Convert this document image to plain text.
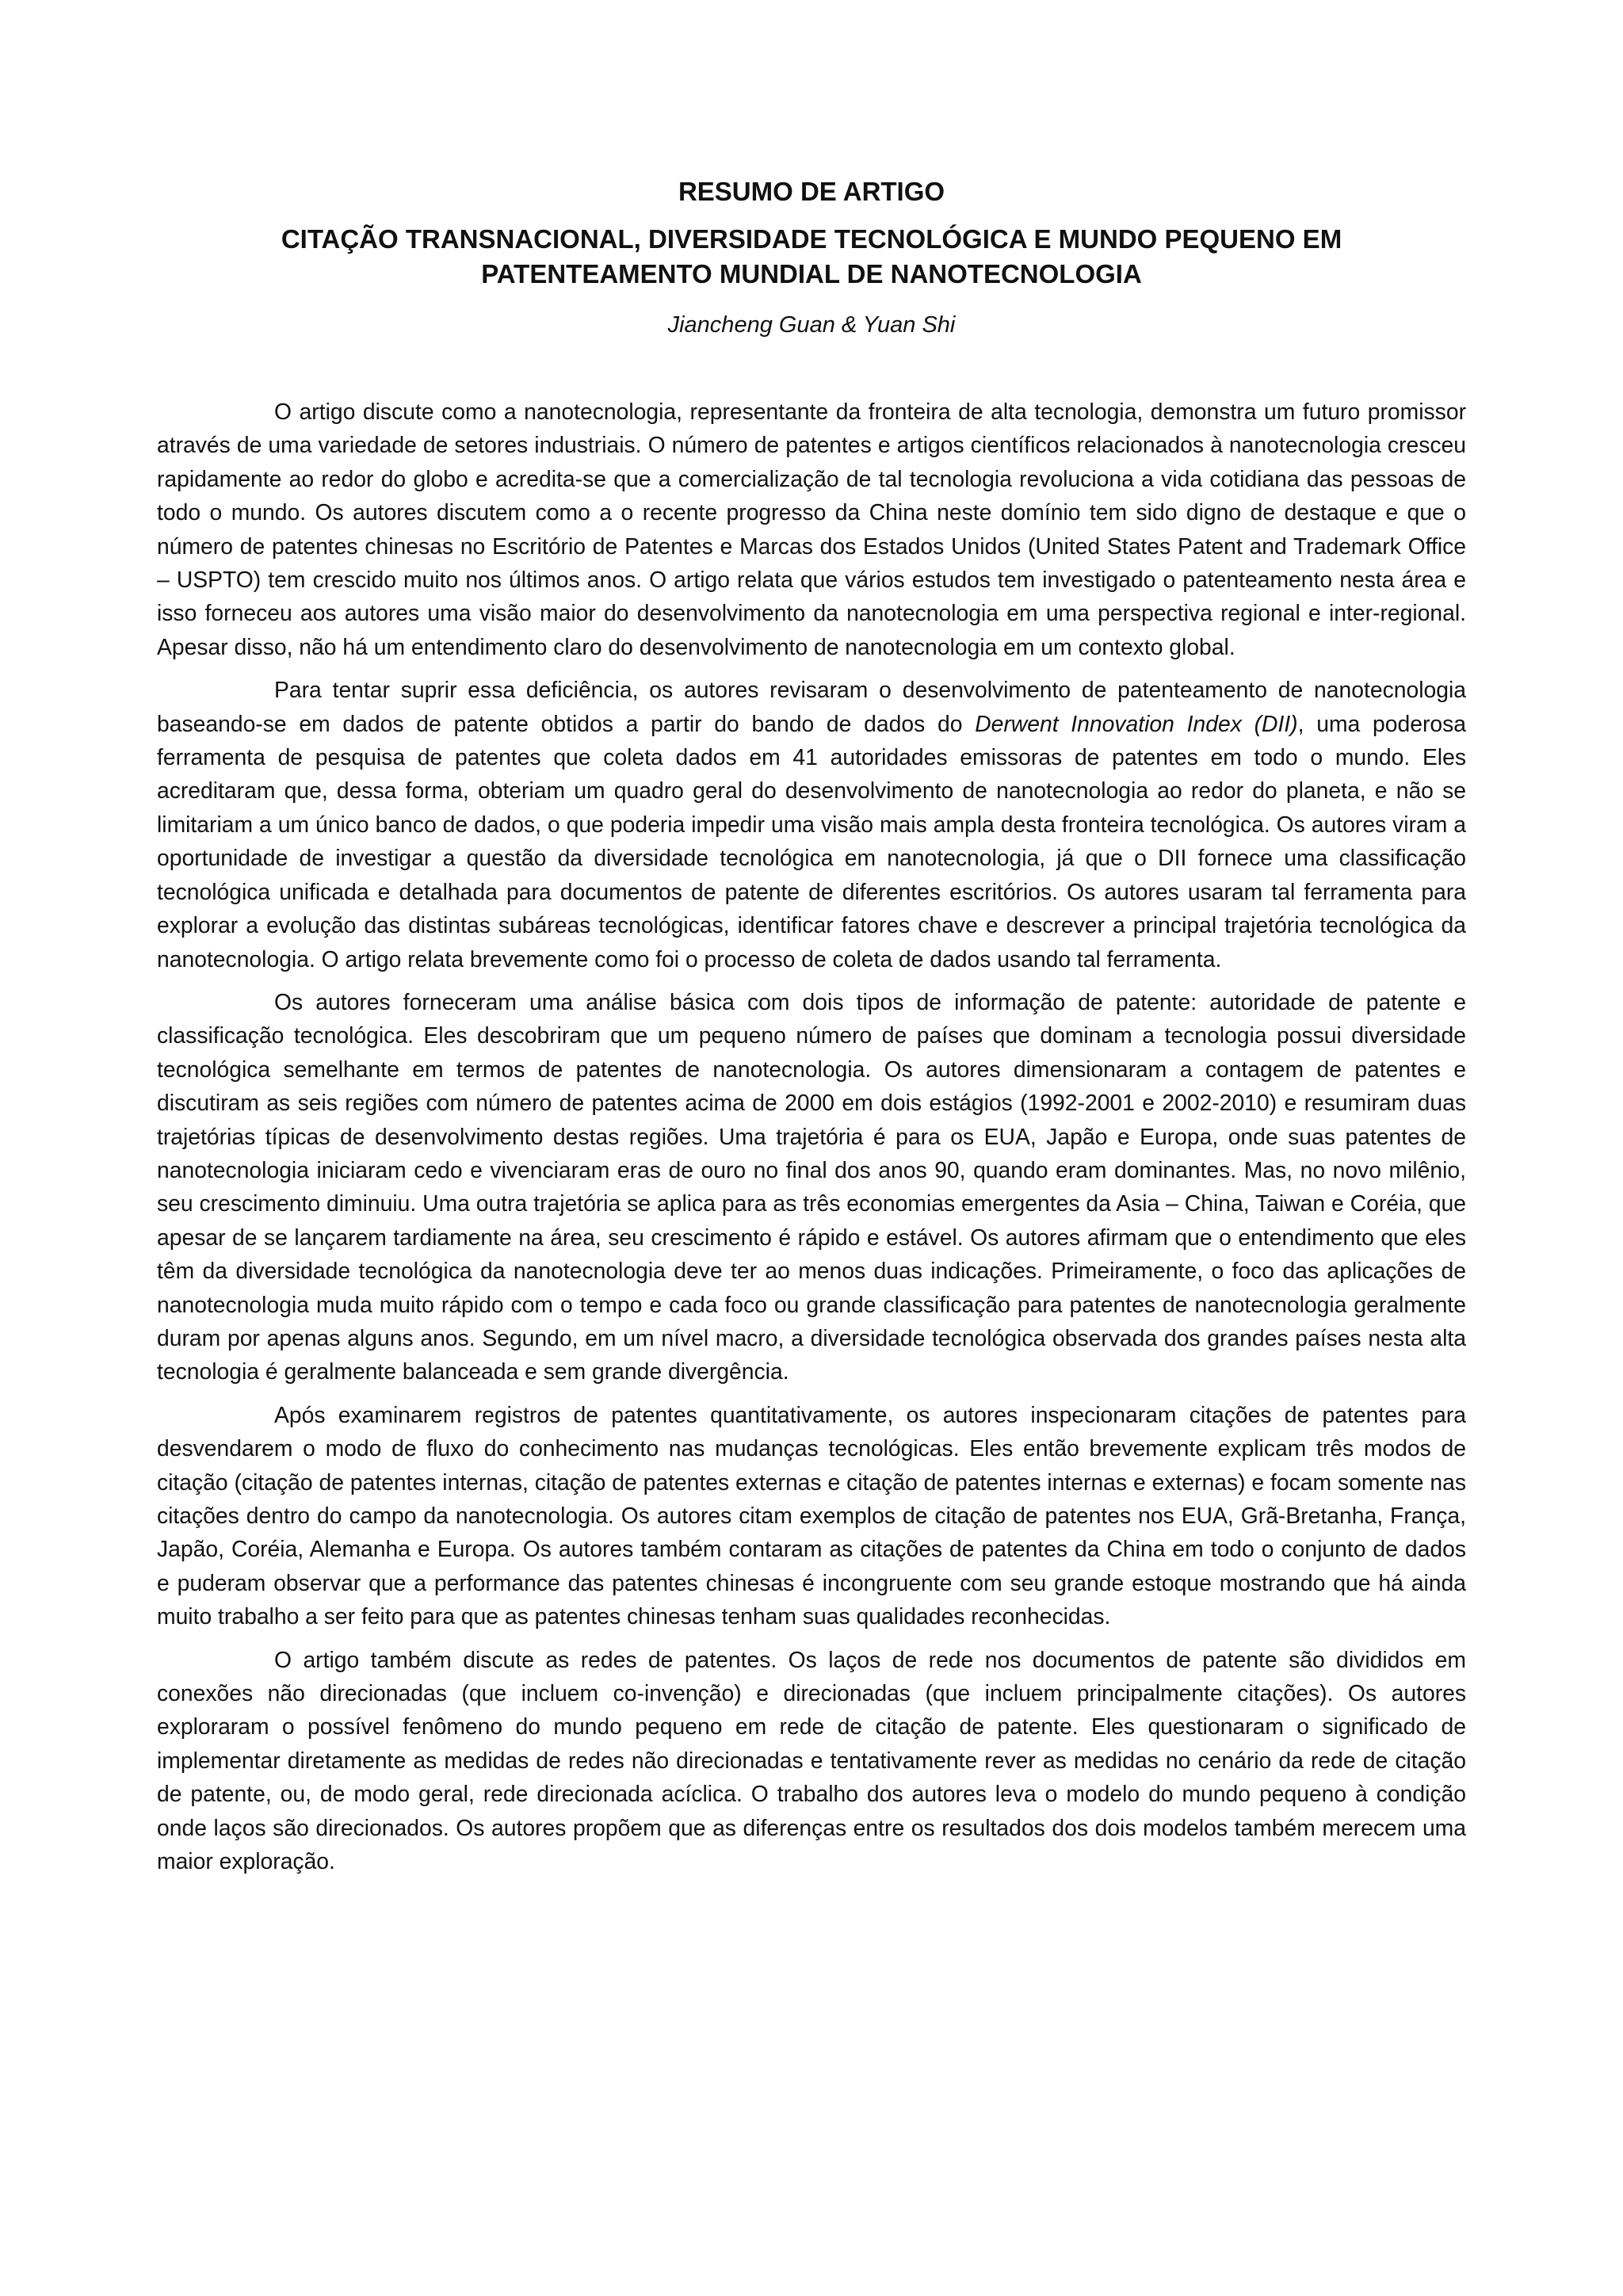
RESUMO DE ARTIGO
CITAÇÃO TRANSNACIONAL, DIVERSIDADE TECNOLÓGICA E MUNDO PEQUENO EM PATENTEAMENTO MUNDIAL DE NANOTECNOLOGIA
Jiancheng Guan & Yuan Shi

O artigo discute como a nanotecnologia, representante da fronteira de alta tecnologia, demonstra um futuro promissor através de uma variedade de setores industriais. O número de patentes e artigos científicos relacionados à nanotecnologia cresceu rapidamente ao redor do globo e acredita-se que a comercialização de tal tecnologia revoluciona a vida cotidiana das pessoas de todo o mundo. Os autores discutem como a o recente progresso da China neste domínio tem sido digno de destaque e que o número de patentes chinesas no Escritório de Patentes e Marcas dos Estados Unidos (United States Patent and Trademark Office – USPTO) tem crescido muito nos últimos anos. O artigo relata que vários estudos tem investigado o patenteamento nesta área e isso forneceu aos autores uma visão maior do desenvolvimento da nanotecnologia em uma perspectiva regional e inter-regional. Apesar disso, não há um entendimento claro do desenvolvimento de nanotecnologia em um contexto global.

Para tentar suprir essa deficiência, os autores revisaram o desenvolvimento de patenteamento de nanotecnologia baseando-se em dados de patente obtidos a partir do bando de dados do Derwent Innovation Index (DII), uma poderosa ferramenta de pesquisa de patentes que coleta dados em 41 autoridades emissoras de patentes em todo o mundo. Eles acreditaram que, dessa forma, obteriam um quadro geral do desenvolvimento de nanotecnologia ao redor do planeta, e não se limitariam a um único banco de dados, o que poderia impedir uma visão mais ampla desta fronteira tecnológica. Os autores viram a oportunidade de investigar a questão da diversidade tecnológica em nanotecnologia, já que o DII fornece uma classificação tecnológica unificada e detalhada para documentos de patente de diferentes escritórios. Os autores usaram tal ferramenta para explorar a evolução das distintas subáreas tecnológicas, identificar fatores chave e descrever a principal trajetória tecnológica da nanotecnologia. O artigo relata brevemente como foi o processo de coleta de dados usando tal ferramenta.

Os autores forneceram uma análise básica com dois tipos de informação de patente: autoridade de patente e classificação tecnológica. Eles descobriram que um pequeno número de países que dominam a tecnologia possui diversidade tecnológica semelhante em termos de patentes de nanotecnologia. Os autores dimensionaram a contagem de patentes e discutiram as seis regiões com número de patentes acima de 2000 em dois estágios (1992-2001 e 2002-2010) e resumiram duas trajetórias típicas de desenvolvimento destas regiões. Uma trajetória é para os EUA, Japão e Europa, onde suas patentes de nanotecnologia iniciaram cedo e vivenciaram eras de ouro no final dos anos 90, quando eram dominantes. Mas, no novo milênio, seu crescimento diminuiu. Uma outra trajetória se aplica para as três economias emergentes da Asia – China, Taiwan e Coréia, que apesar de se lançarem tardiamente na área, seu crescimento é rápido e estável. Os autores afirmam que o entendimento que eles têm da diversidade tecnológica da nanotecnologia deve ter ao menos duas indicações. Primeiramente, o foco das aplicações de nanotecnologia muda muito rápido com o tempo e cada foco ou grande classificação para patentes de nanotecnologia geralmente duram por apenas alguns anos. Segundo, em um nível macro, a diversidade tecnológica observada dos grandes países nesta alta tecnologia é geralmente balanceada e sem grande divergência.

Após examinarem registros de patentes quantitativamente, os autores inspecionaram citações de patentes para desvendarem o modo de fluxo do conhecimento nas mudanças tecnológicas. Eles então brevemente explicam três modos de citação (citação de patentes internas, citação de patentes externas e citação de patentes internas e externas) e focam somente nas citações dentro do campo da nanotecnologia. Os autores citam exemplos de citação de patentes nos EUA, Grã-Bretanha, França, Japão, Coréia, Alemanha e Europa. Os autores também contaram as citações de patentes da China em todo o conjunto de dados e puderam observar que a performance das patentes chinesas é incongruente com seu grande estoque mostrando que há ainda muito trabalho a ser feito para que as patentes chinesas tenham suas qualidades reconhecidas.

O artigo também discute as redes de patentes. Os laços de rede nos documentos de patente são divididos em conexões não direcionadas (que incluem co-invenção) e direcionadas (que incluem principalmente citações). Os autores exploraram o possível fenômeno do mundo pequeno em rede de citação de patente. Eles questionaram o significado de implementar diretamente as medidas de redes não direcionadas e tentativamente rever as medidas no cenário da rede de citação de patente, ou, de modo geral, rede direcionada acíclica. O trabalho dos autores leva o modelo do mundo pequeno à condição onde laços são direcionados. Os autores propõem que as diferenças entre os resultados dos dois modelos também merecem uma maior exploração.
